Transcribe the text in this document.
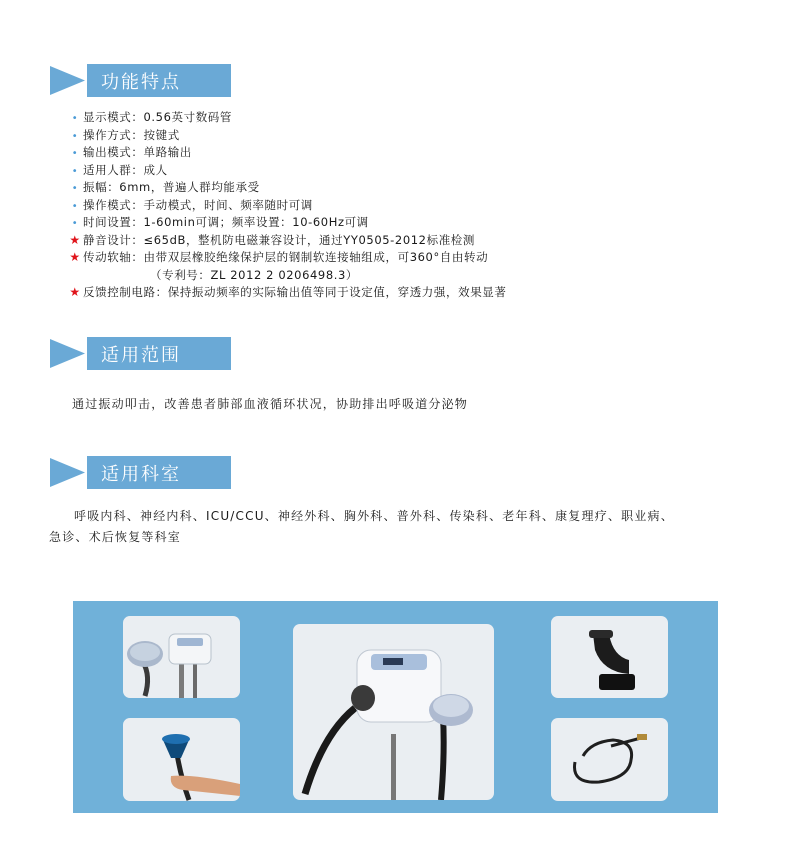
功能特点
• 显示模式：0.56英寸数码管
• 操作方式：按键式
• 输出模式：单路输出
• 适用人群：成人
• 振幅：6mm，普遍人群均能承受
• 操作模式：手动模式，时间、频率随时可调
• 时间设置：1-60min可调；频率设置：10-60Hz可调
★ 静音设计：≤65dB，整机防电磁兼容设计，通过YY0505-2012标准检测
★ 传动软轴：由带双层橡胶绝缘保护层的钢制软连接轴组成，可360°自由转动
（专利号：ZL 2012 2 0206498.3）
★ 反馈控制电路：保持振动频率的实际输出值等同于设定值，穿透力强，效果显著
适用范围
通过振动叩击，改善患者肺部血液循环状况，协助排出呼吸道分泌物
适用科室
呼吸内科、神经内科、ICU/CCU、神经外科、胸外科、普外科、传染科、老年科、康复理疗、职业病、
急诊、术后恢复等科室
